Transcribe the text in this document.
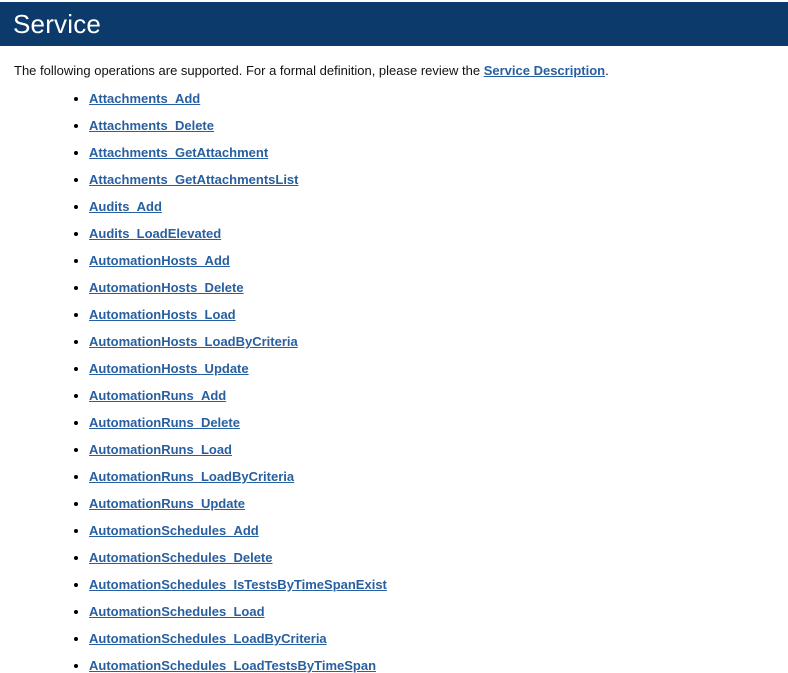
Service

The following operations are supported. For a formal definition, please review the Service Description.

• Attachments_Add
• Attachments_Delete
• Attachments_GetAttachment
• Attachments_GetAttachmentsList
• Audits_Add
• Audits_LoadElevated
• AutomationHosts_Add
• AutomationHosts_Delete
• AutomationHosts_Load
• AutomationHosts_LoadByCriteria
• AutomationHosts_Update
• AutomationRuns_Add
• AutomationRuns_Delete
• AutomationRuns_Load
• AutomationRuns_LoadByCriteria
• AutomationRuns_Update
• AutomationSchedules_Add
• AutomationSchedules_Delete
• AutomationSchedules_IsTestsByTimeSpanExist
• AutomationSchedules_Load
• AutomationSchedules_LoadByCriteria
• AutomationSchedules_LoadTestsByTimeSpan
